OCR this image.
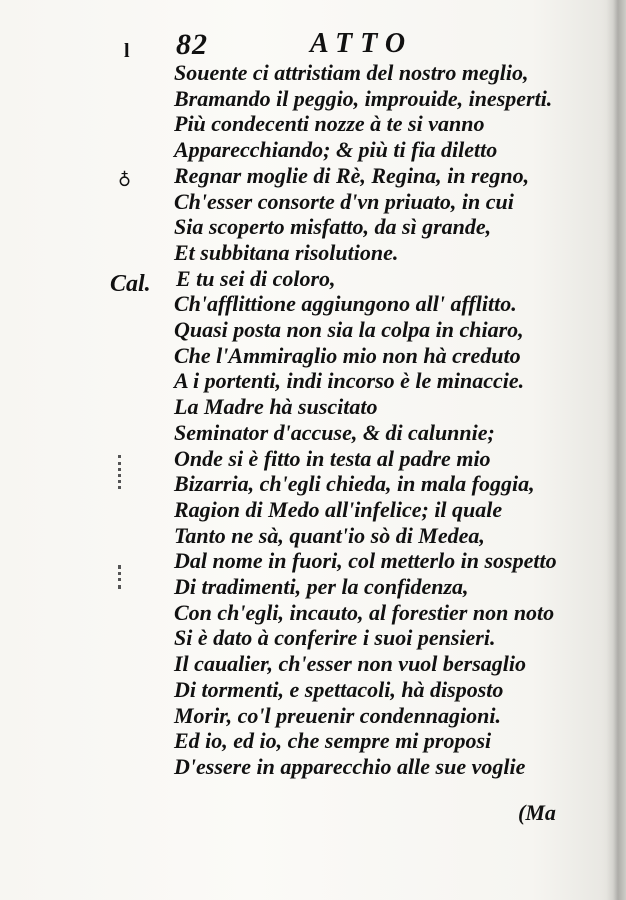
l 82	ATTO
♁
Cal.
Souente ci attristiam del nostro meglio,
Bramando il peggio, improuide, inesperti.
Più condecenti nozze à te si vanno
Apparecchiando; & più ti fia diletto
Regnar moglie di Rè, Regina, in regno,
Ch'esser consorte d'vn priuato, in cui
Sia scoperto misfatto, da sì grande,
Et subbitana risolutione.
E tu sei di coloro,
Ch'afflittione aggiungono all' afflitto.
Quasi posta non sia la colpa in chiaro,
Che l'Ammiraglio mio non hà creduto
A i portenti, indi incorso è le minaccie.
La Madre hà suscitato
Seminator d'accuse, & di calunnie;
Onde si è fitto in testa al padre mio
Bizarria, ch'egli chieda, in mala foggia,
Ragion di Medo all'infelice; il quale
Tanto ne sà, quant'io sò di Medea,
Dal nome in fuori, col metterlo in sospetto
Di tradimenti, per la confidenza,
Con ch'egli, incauto, al forestier non noto
Si è dato à conferire i suoi pensieri.
Il caualier, ch'esser non vuol bersaglio
Di tormenti, e spettacoli, hà disposto
Morir, co'l preuenir condennagioni.
Ed io, ed io, che sempre mi proposi
D'essere in apparecchio alle sue voglie
(Ma
